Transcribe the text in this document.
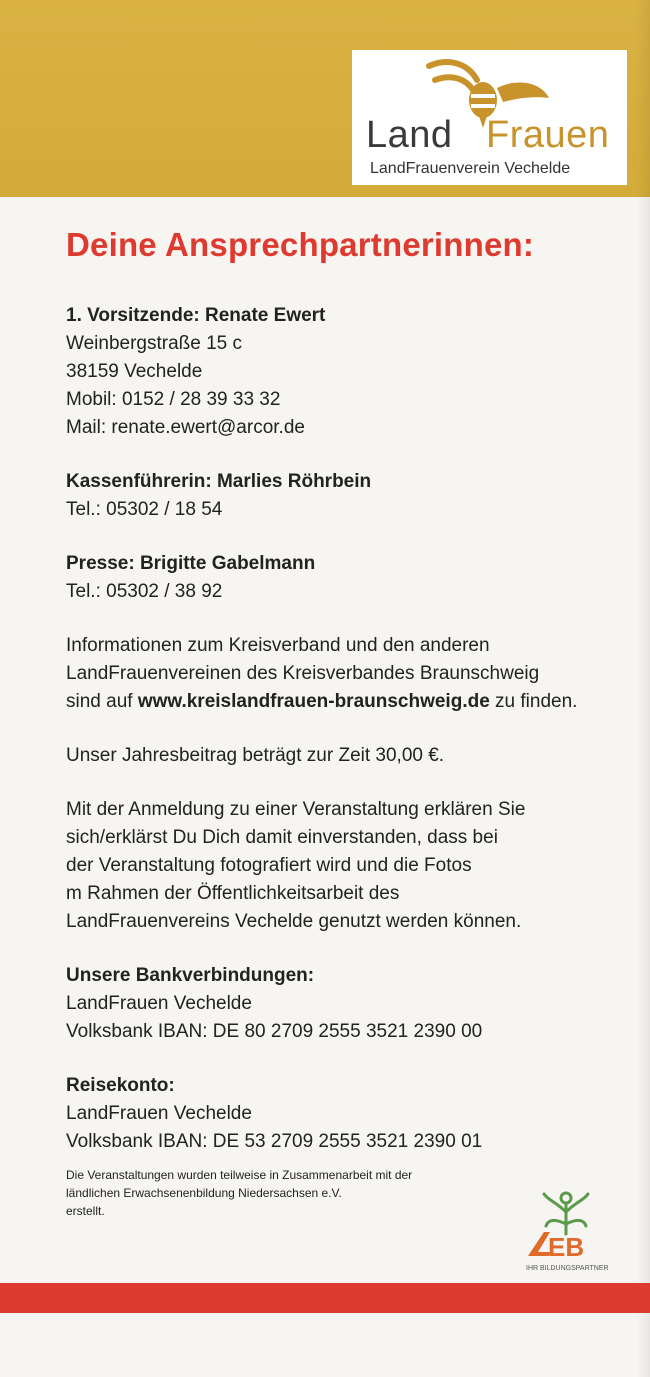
Land Frauen
LandFrauenverein Vechelde
Deine Ansprechpartnerinnen:

1. Vorsitzende: Renate Ewert

Weinbergstraße 15 c

38159 Vechelde

Mobil: 0152 / 28 39 33 32

Mail: renate.ewert@arcor.de

Kassenführerin: Marlies Röhrbein

Tel.: 05302 / 18 54

Presse: Brigitte Gabelmann

Tel.: 05302 / 38 92

Informationen zum Kreisverband und den anderen

LandFrauenvereinen des Kreisverbandes Braunschweig

sind auf www.kreislandfrauen-braunschweig.de zu finden.

Unser Jahresbeitrag beträgt zur Zeit 30,00 €.

Mit der Anmeldung zu einer Veranstaltung erklären Sie

sich/erklärst Du Dich damit einverstanden, dass bei

der Veranstaltung fotografiert wird und die Fotos

m Rahmen der Öffentlichkeitsarbeit des

LandFrauenvereins Vechelde genutzt werden können.

Unsere Bankverbindungen:

LandFrauen Vechelde

Volksbank IBAN: DE 80 2709 2555 3521 2390 00

Reisekonto:

LandFrauen Vechelde

Volksbank IBAN: DE 53 2709 2555 3521 2390 01

Die Veranstaltungen wurden teilweise in Zusammenarbeit mit der
ländlichen Erwachsenenbildung Niedersachsen e.V.
erstellt.
EB
IHR BILDUNGSPARTNER
